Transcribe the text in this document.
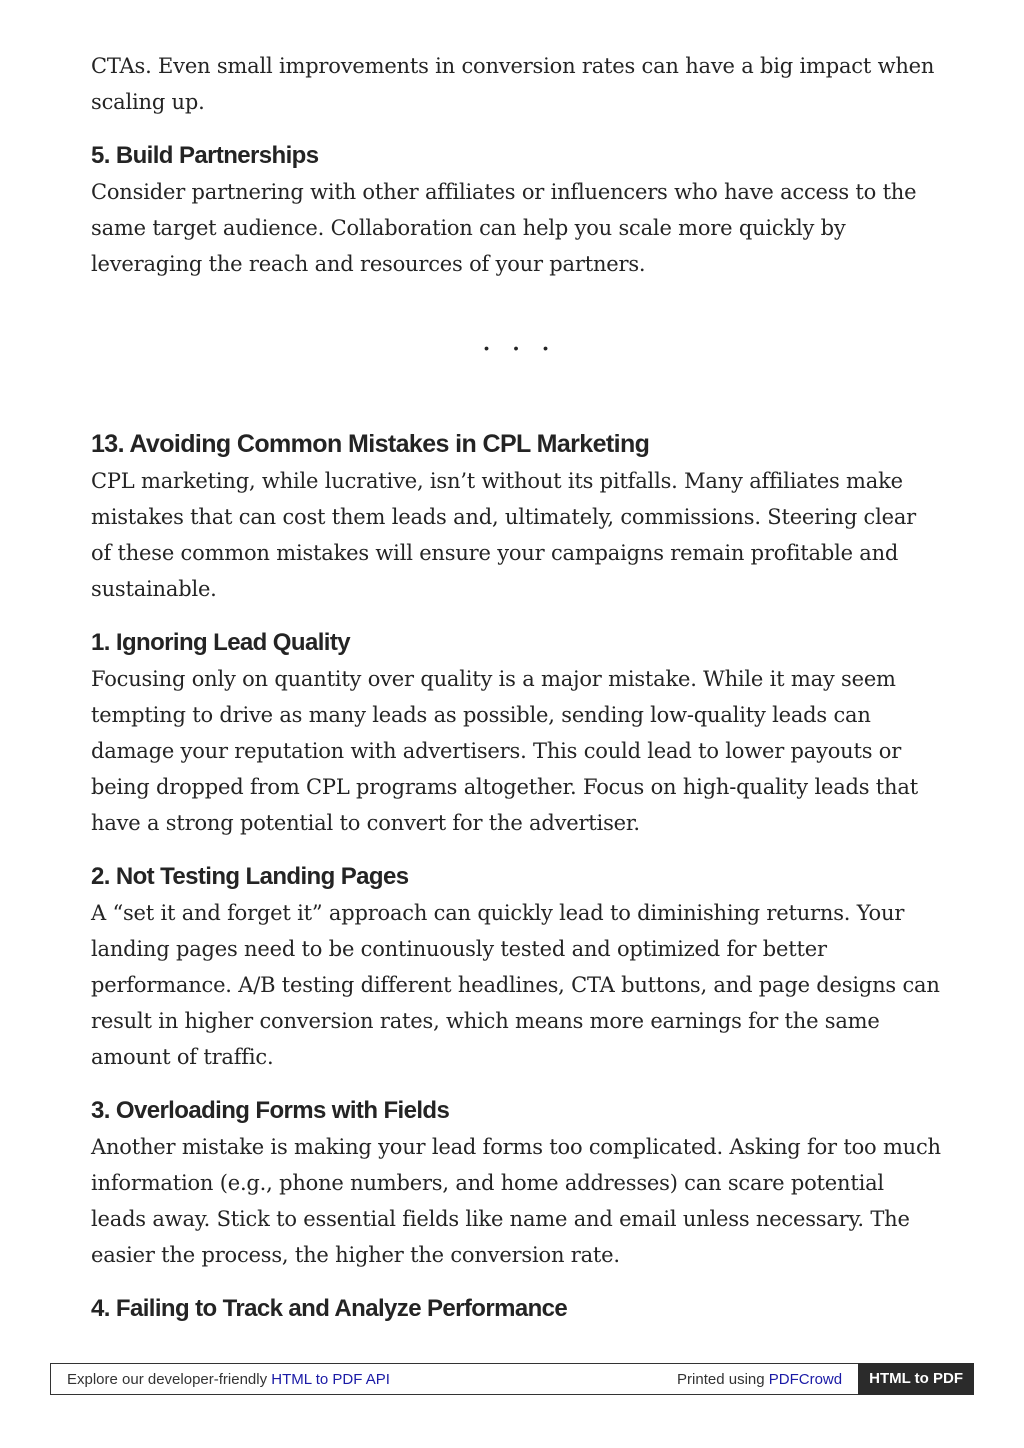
CTAs. Even small improvements in conversion rates can have a big impact when scaling up.

5. Build Partnerships

Consider partnering with other affiliates or influencers who have access to the same target audience. Collaboration can help you scale more quickly by leveraging the reach and resources of your partners.

...
13. Avoiding Common Mistakes in CPL Marketing

CPL marketing, while lucrative, isn’t without its pitfalls. Many affiliates make mistakes that can cost them leads and, ultimately, commissions. Steering clear of these common mistakes will ensure your campaigns remain profitable and sustainable.

1. Ignoring Lead Quality

Focusing only on quantity over quality is a major mistake. While it may seem tempting to drive as many leads as possible, sending low-quality leads can damage your reputation with advertisers. This could lead to lower payouts or being dropped from CPL programs altogether. Focus on high-quality leads that have a strong potential to convert for the advertiser.

2. Not Testing Landing Pages

A “set it and forget it” approach can quickly lead to diminishing returns. Your landing pages need to be continuously tested and optimized for better performance. A/B testing different headlines, CTA buttons, and page designs can result in higher conversion rates, which means more earnings for the same amount of traffic.

3. Overloading Forms with Fields

Another mistake is making your lead forms too complicated. Asking for too much information (e.g., phone numbers, and home addresses) can scare potential leads away. Stick to essential fields like name and email unless necessary. The easier the process, the higher the conversion rate.

4. Failing to Track and Analyze Performance
Explore our developer-friendly HTML to PDF API	Printed using PDFCrowd	HTML to PDF
